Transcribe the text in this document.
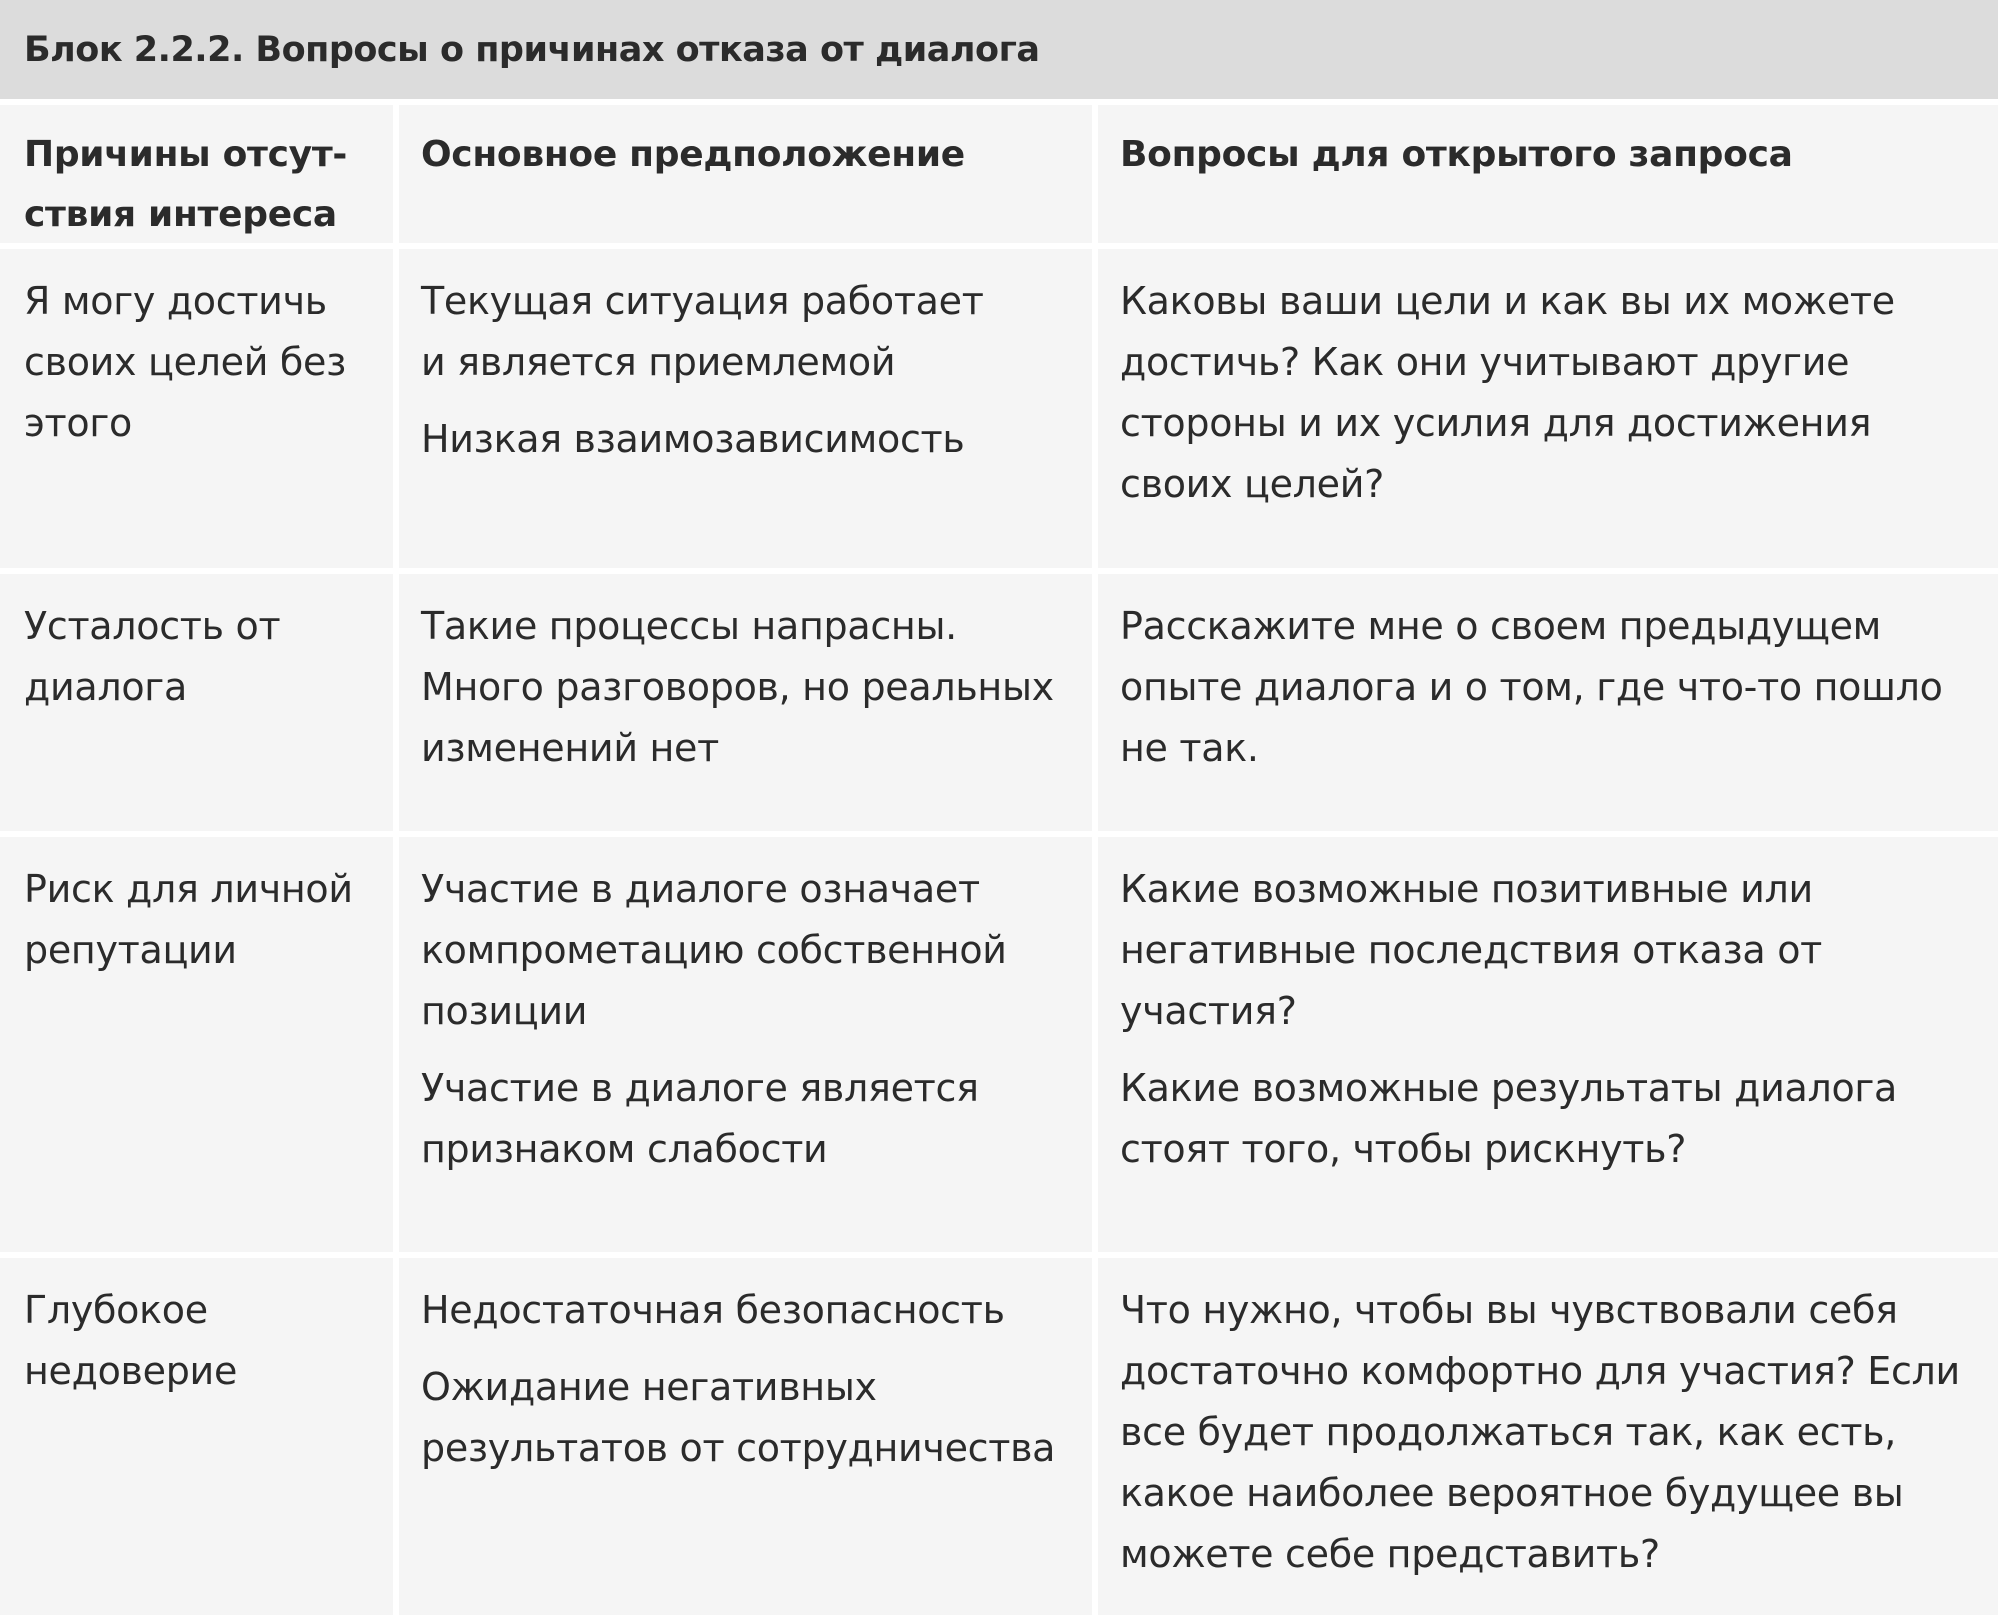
Блок 2.2.2. Вопросы о причинах отказа от диалога
Причины отсут-
ствия интереса
Основное предположение	Вопросы для открытого запроса
Я могу достичь
своих целей без
этого

Текущая ситуация работает
и является приемлемой

Низкая взаимозависимость

Каковы ваши цели и как вы их можете
достичь? Как они учитывают другие
стороны и их усилия для достижения
своих целей?

Усталость от
диалога

Такие процессы напрасны.
Много разговоров, но реальных
изменений нет

Расскажите мне о своем предыдущем
опыте диалога и о том, где что-то пошло
не так.

Риск для личной
репутации

Участие в диалоге означает
компрометацию собственной
позиции

Участие в диалоге является
признаком слабости

Какие возможные позитивные или
негативные последствия отказа от
участия?

Какие возможные результаты диалога
стоят того, чтобы рискнуть?

Глубокое
недоверие

Недостаточная безопасность

Ожидание негативных
результатов от сотрудничества

Что нужно, чтобы вы чувствовали себя
достаточно комфортно для участия? Если
все будет продолжаться так, как есть,
какое наиболее вероятное будущее вы
можете себе представить?
